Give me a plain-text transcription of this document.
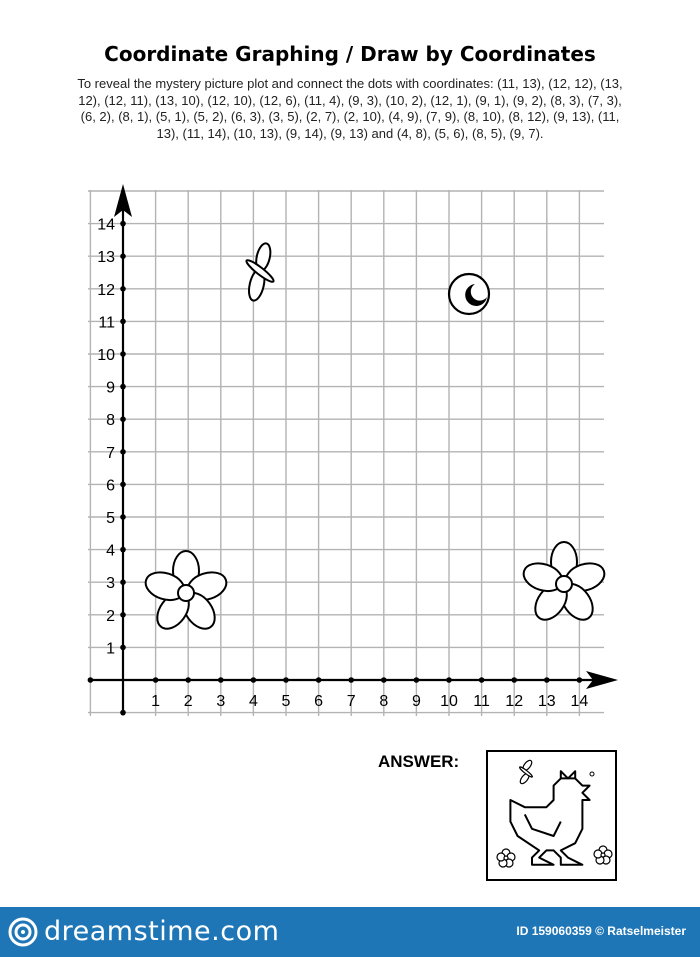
Coordinate Graphing / Draw by Coordinates
To reveal the mystery picture plot and connect the dots with coordinates: (11, 13), (12, 12), (13, 12), (12, 11), (13, 10), (12, 10), (12, 6), (11, 4), (9, 3), (10, 2), (12, 1), (9, 1), (9, 2), (8, 3), (7, 3), (6, 2), (8, 1), (5, 1), (5, 2), (6, 3), (3, 5), (2, 7), (2, 10), (4, 9), (7, 9), (8, 10), (8, 12), (9, 13), (11, 13), (11, 14), (10, 13), (9, 14), (9, 13) and (4, 8), (5, 6), (8, 5), (9, 7).
1 2 3 4 5 6 7 8 9 10 11 12 13 14
1
2
3
4
5
6
7
8
9
10
11
12
13
14
ANSWER:
dreamstime.com	ID 159060359 © Ratselmeister
